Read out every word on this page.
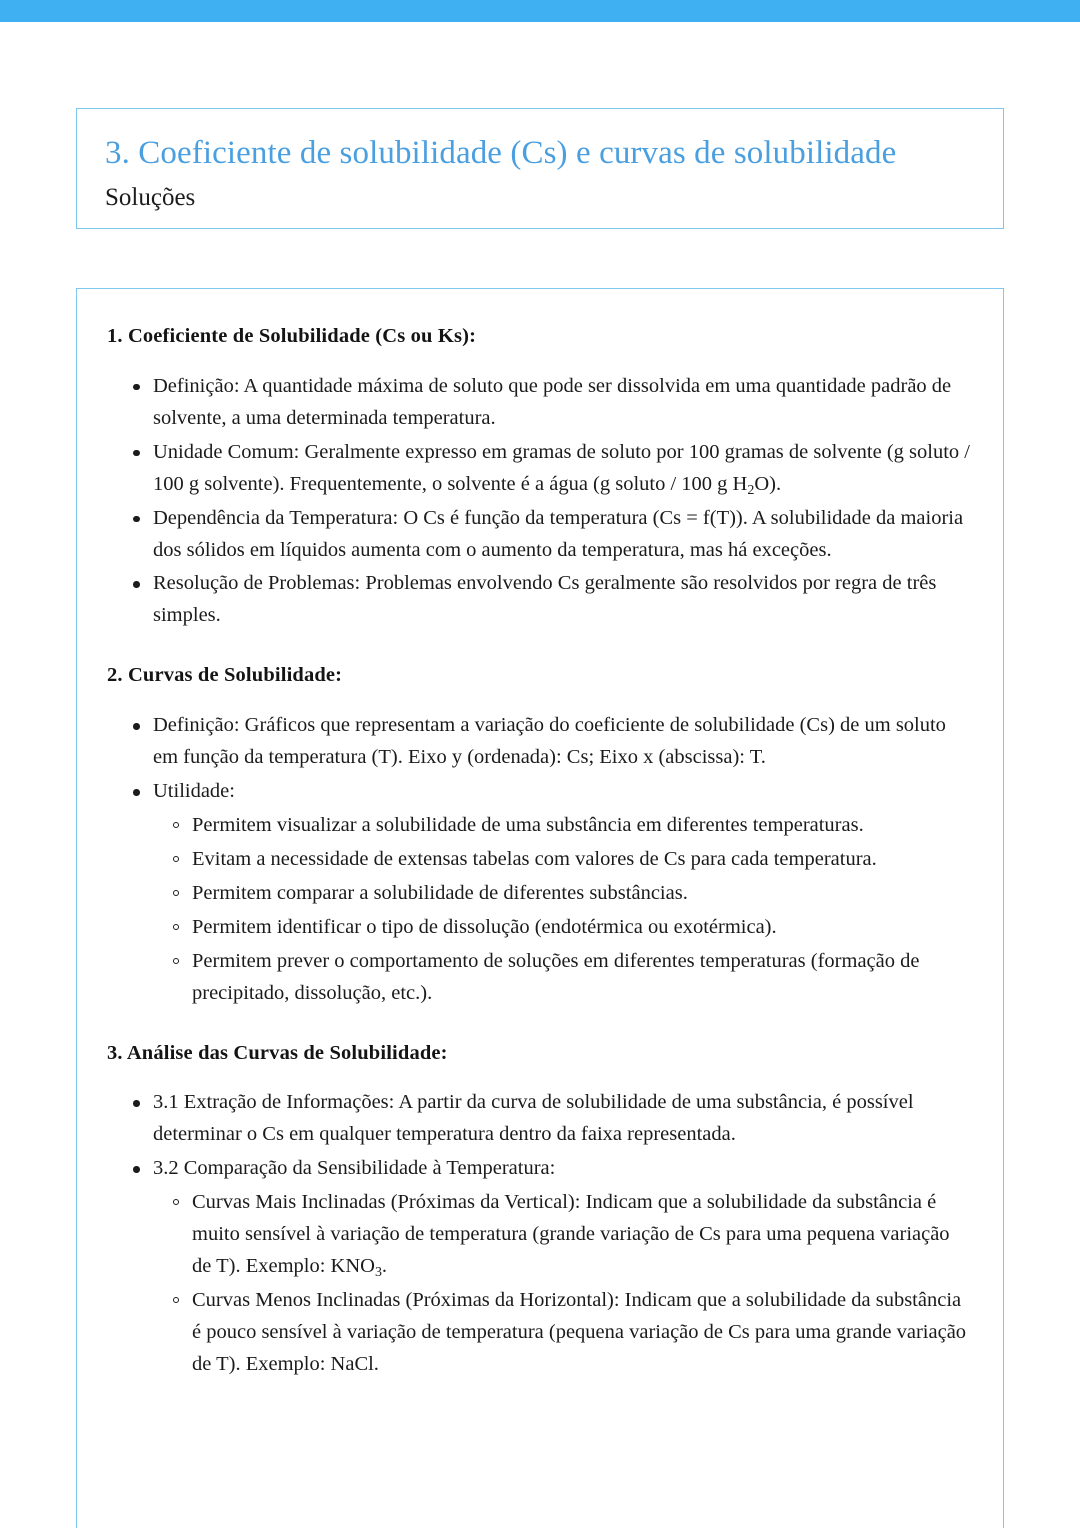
3. Coeficiente de solubilidade (Cs) e curvas de solubilidade

Soluções

1. Coeficiente de Solubilidade (Cs ou Ks):
Definição: A quantidade máxima de soluto que pode ser dissolvida em uma quantidade padrão de solvente, a uma determinada temperatura.
Unidade Comum: Geralmente expresso em gramas de soluto por 100 gramas de solvente (g soluto / 100 g solvente). Frequentemente, o solvente é a água (g soluto / 100 g $H_2O$).
Dependência da Temperatura: O Cs é função da temperatura (Cs = f(T)). A solubilidade da maioria dos sólidos em líquidos aumenta com o aumento da temperatura, mas há exceções.
Resolução de Problemas: Problemas envolvendo Cs geralmente são resolvidos por regra de três simples.
2. Curvas de Solubilidade:
Definição: Gráficos que representam a variação do coeficiente de solubilidade (Cs) de um soluto em função da temperatura (T). Eixo y (ordenada): Cs; Eixo x (abscissa): T.
Utilidade:
Permitem visualizar a solubilidade de uma substância em diferentes temperaturas.
Evitam a necessidade de extensas tabelas com valores de Cs para cada temperatura.
Permitem comparar a solubilidade de diferentes substâncias.
Permitem identificar o tipo de dissolução (endotérmica ou exotérmica).
Permitem prever o comportamento de soluções em diferentes temperaturas (formação de precipitado, dissolução, etc.).
3. Análise das Curvas de Solubilidade:
3.1 Extração de Informações: A partir da curva de solubilidade de uma substância, é possível determinar o Cs em qualquer temperatura dentro da faixa representada.
3.2 Comparação da Sensibilidade à Temperatura:
Curvas Mais Inclinadas (Próximas da Vertical): Indicam que a solubilidade da substância é muito sensível à variação de temperatura (grande variação de Cs para uma pequena variação de T). Exemplo: $KNO_3$.
Curvas Menos Inclinadas (Próximas da Horizontal): Indicam que a solubilidade da substância é pouco sensível à variação de temperatura (pequena variação de Cs para uma grande variação de T). Exemplo: NaCl.
